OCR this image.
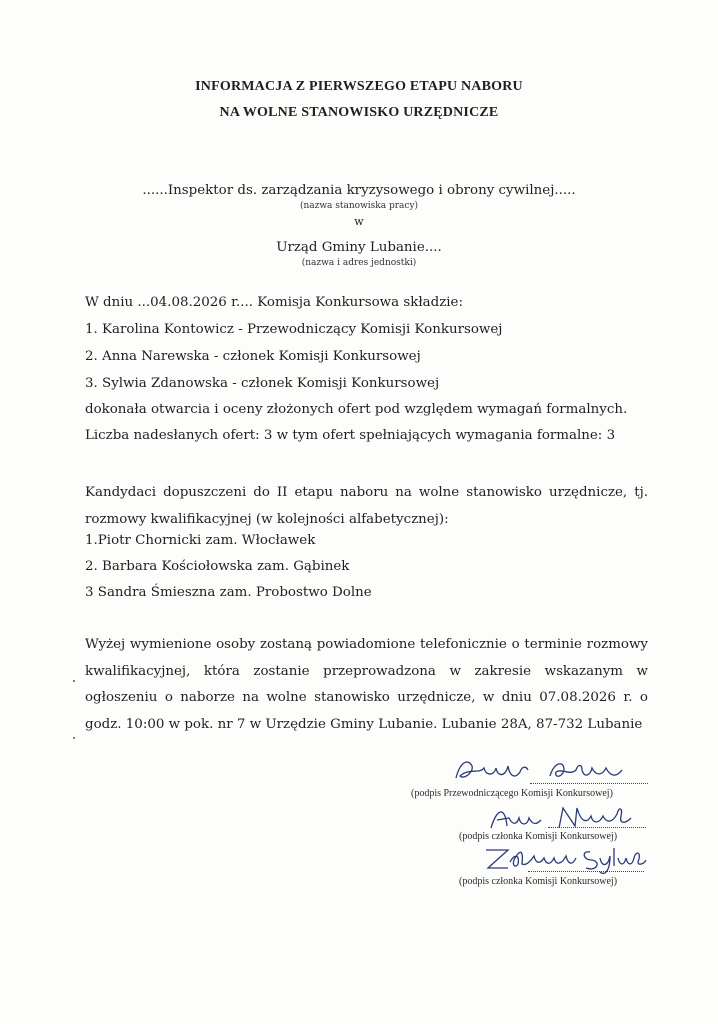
INFORMACJA Z PIERWSZEGO ETAPU NABORU
NA WOLNE STANOWISKO URZĘDNICZE
......Inspektor ds. zarządzania kryzysowego i obrony cywilnej.....
(nazwa stanowiska pracy)
w
Urząd Gminy Lubanie....
(nazwa i adres jednostki)
W dniu ...04.08.2026 r.... Komisja Konkursowa składzie:
1. Karolina Kontowicz - Przewodniczący Komisji Konkursowej
2. Anna Narewska - członek Komisji Konkursowej
3. Sylwia Zdanowska - członek Komisji Konkursowej
dokonała otwarcia i oceny złożonych ofert pod względem wymagań formalnych.
Liczba nadesłanych ofert: 3 w tym ofert spełniających wymagania formalne: 3
Kandydaci dopuszczeni do II etapu naboru na wolne stanowisko urzędnicze, tj. rozmowy kwalifikacyjnej (w kolejności alfabetycznej):
1.Piotr Chornicki zam. Włocławek
2. Barbara Kościołowska zam. Gąbinek
3 Sandra Śmieszna zam. Probostwo Dolne
Wyżej wymienione osoby zostaną powiadomione telefonicznie o terminie rozmowy kwalifikacyjnej, która zostanie przeprowadzona w zakresie wskazanym w ogłoszeniu o naborze na wolne stanowisko urzędnicze, w dniu 07.08.2026 r. o godz. 10:00 w pok. nr 7 w Urzędzie Gminy Lubanie. Lubanie 28A, 87-732 Lubanie
(podpis Przewodniczącego Komisji Konkursowej)
(podpis członka Komisji Konkursowej)
(podpis członka Komisji Konkursowej)
